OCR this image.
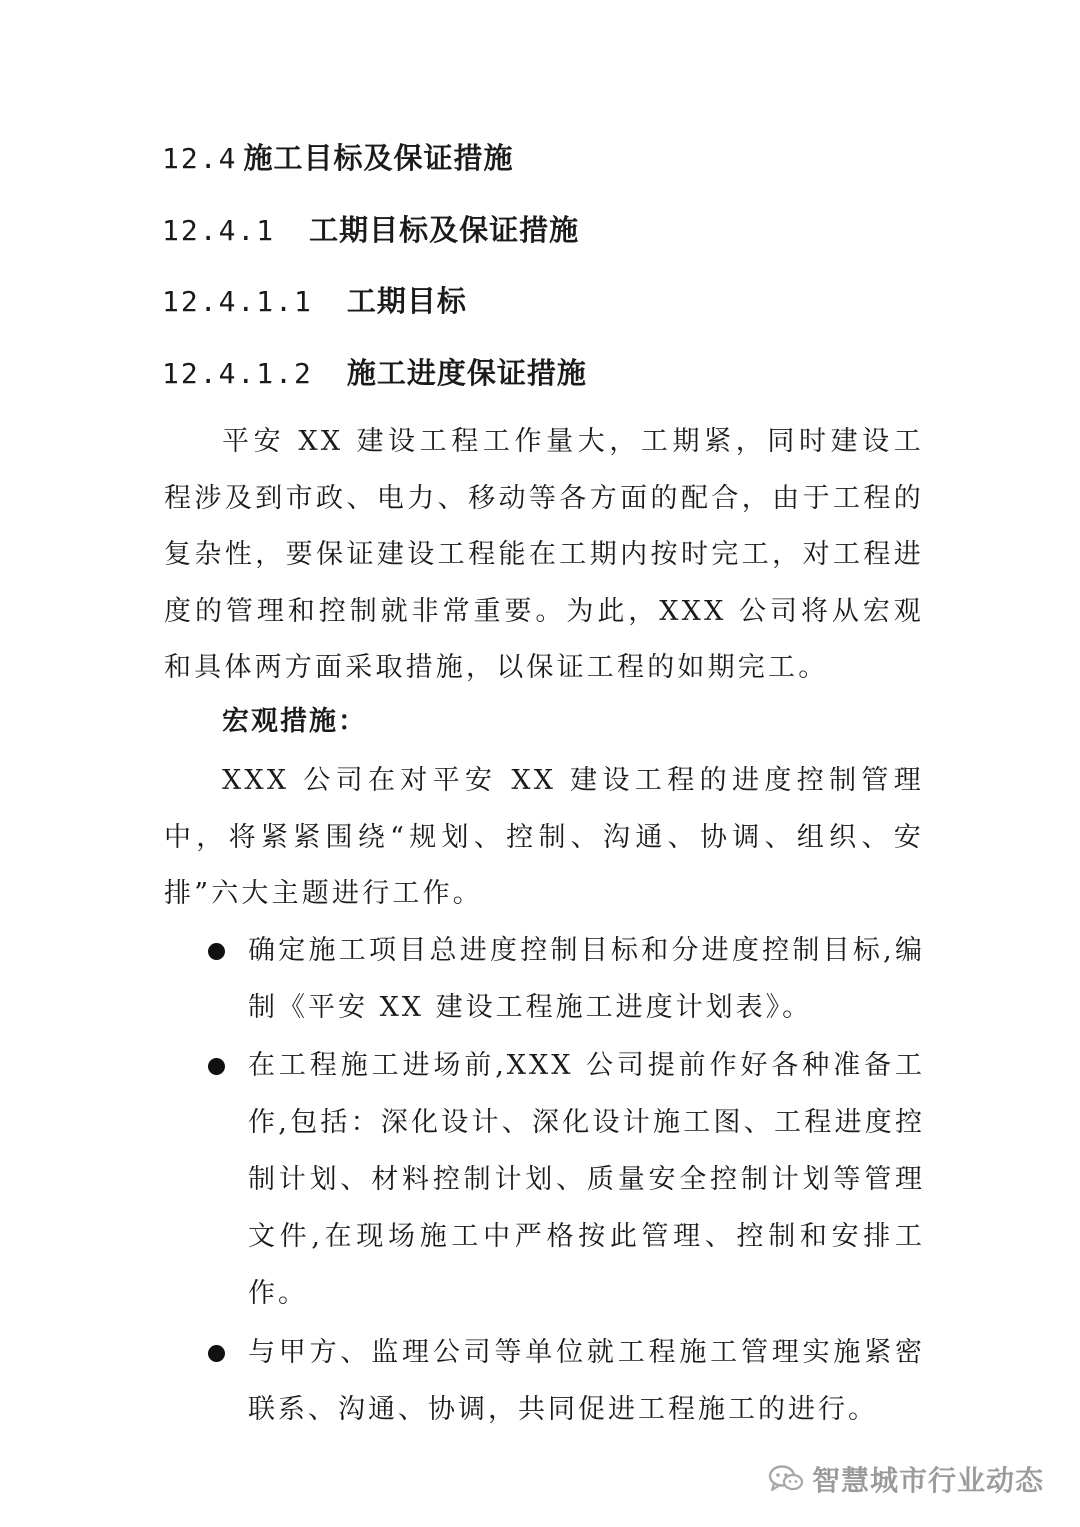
12.4 施工目标及保证措施
12.4.1 工期目标及保证措施
12.4.1.1 工期目标
12.4.1.2 施工进度保证措施

平安 XX 建设工程工作量大，工期紧，同时建设工程涉及到市政、电力、移动等各方面的配合，由于工程的复杂性，要保证建设工程能在工期内按时完工，对工程进度的管理和控制就非常重要。为此，XXX 公司将从宏观和具体两方面采取措施，以保证工程的如期完工。

宏观措施：

XXX 公司在对平安 XX 建设工程的进度控制管理中，将紧紧围绕“规划、控制、沟通、协调、组织、安排”六大主题进行工作。

确定施工项目总进度控制目标和分进度控制目标,编制《平安 XX 建设工程施工进度计划表》。
在工程施工进场前,XXX 公司提前作好各种准备工作,包括：深化设计、深化设计施工图、工程进度控制计划、材料控制计划、质量安全控制计划等管理文件,在现场施工中严格按此管理、控制和安排工作。
与甲方、监理公司等单位就工程施工管理实施紧密联系、沟通、协调，共同促进工程施工的进行。
智慧城市行业动态
